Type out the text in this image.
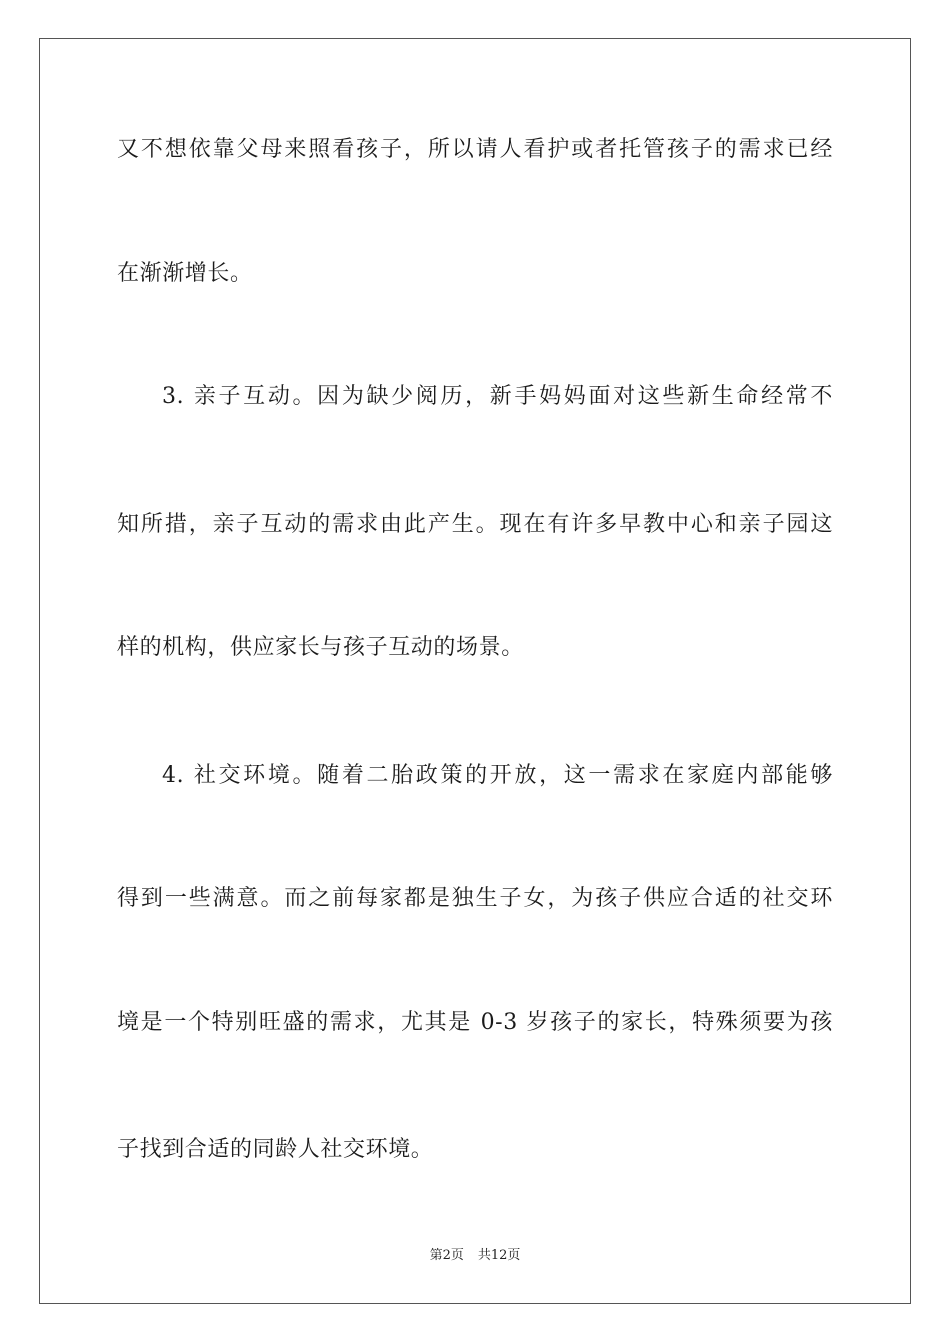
又不想依靠父母来照看孩子，所以请人看护或者托管孩子的需求已经
在渐渐增长。
3. 亲子互动。因为缺少阅历，新手妈妈面对这些新生命经常不
知所措，亲子互动的需求由此产生。现在有许多早教中心和亲子园这
样的机构，供应家长与孩子互动的场景。
4. 社交环境。随着二胎政策的开放，这一需求在家庭内部能够
得到一些满意。而之前每家都是独生子女，为孩子供应合适的社交环
境是一个特别旺盛的需求，尤其是 0-3 岁孩子的家长，特殊须要为孩
子找到合适的同龄人社交环境。
第2页 共12页
